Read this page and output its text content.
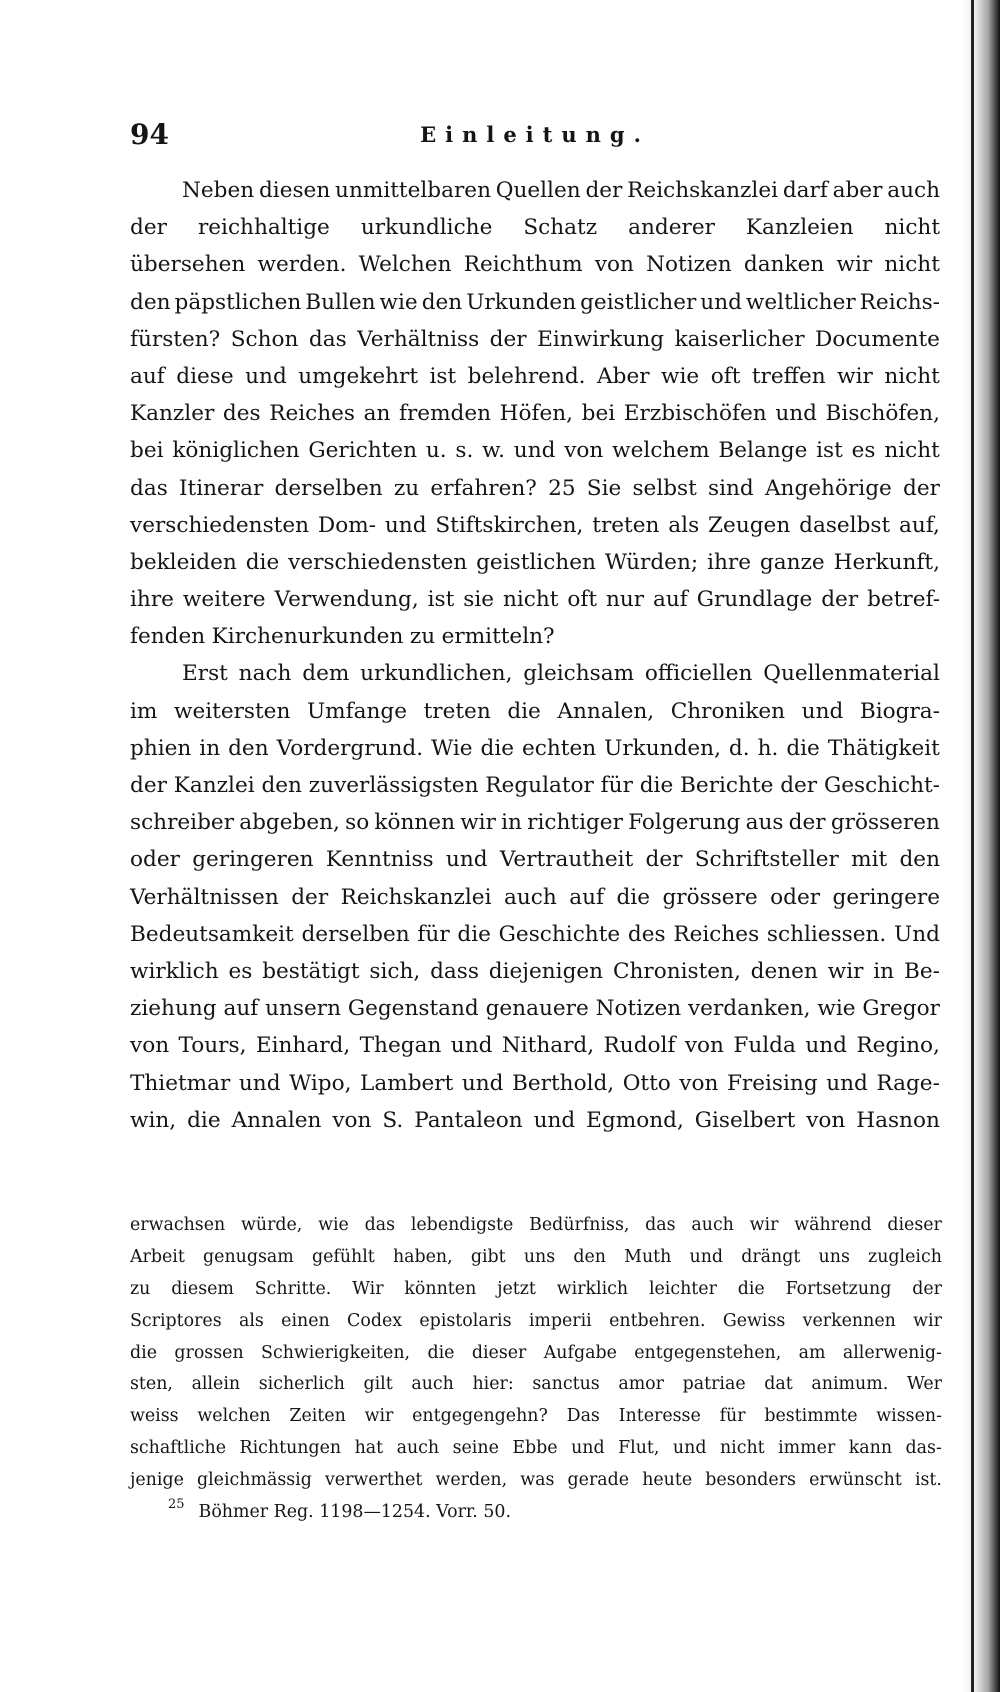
94	Einleitung.
Neben diesen unmittelbaren Quellen der Reichskanzlei darf aber auch
der reichhaltige urkundliche Schatz anderer Kanzleien nicht
übersehen werden. Welchen Reichthum von Notizen danken wir nicht
den päpstlichen Bullen wie den Urkunden geistlicher und weltlicher Reichs-
fürsten? Schon das Verhältniss der Einwirkung kaiserlicher Documente
auf diese und umgekehrt ist belehrend. Aber wie oft treffen wir nicht
Kanzler des Reiches an fremden Höfen, bei Erzbischöfen und Bischöfen,
bei königlichen Gerichten u. s. w. und von welchem Belange ist es nicht
das Itinerar derselben zu erfahren? 25 Sie selbst sind Angehörige der
verschiedensten Dom- und Stiftskirchen, treten als Zeugen daselbst auf,
bekleiden die verschiedensten geistlichen Würden; ihre ganze Herkunft,
ihre weitere Verwendung, ist sie nicht oft nur auf Grundlage der betref-
fenden Kirchenurkunden zu ermitteln?
Erst nach dem urkundlichen, gleichsam officiellen Quellenmaterial
im weitersten Umfange treten die Annalen, Chroniken und Biogra-
phien in den Vordergrund. Wie die echten Urkunden, d. h. die Thätigkeit
der Kanzlei den zuverlässigsten Regulator für die Berichte der Geschicht-
schreiber abgeben, so können wir in richtiger Folgerung aus der grösseren
oder geringeren Kenntniss und Vertrautheit der Schriftsteller mit den
Verhältnissen der Reichskanzlei auch auf die grössere oder geringere
Bedeutsamkeit derselben für die Geschichte des Reiches schliessen. Und
wirklich es bestätigt sich, dass diejenigen Chronisten, denen wir in Be-
ziehung auf unsern Gegenstand genauere Notizen verdanken, wie Gregor
von Tours, Einhard, Thegan und Nithard, Rudolf von Fulda und Regino,
Thietmar und Wipo, Lambert und Berthold, Otto von Freising und Rage-
win, die Annalen von S. Pantaleon und Egmond, Giselbert von Hasnon
erwachsen würde, wie das lebendigste Bedürfniss, das auch wir während dieser
Arbeit genugsam gefühlt haben, gibt uns den Muth und drängt uns zugleich
zu diesem Schritte. Wir könnten jetzt wirklich leichter die Fortsetzung der
Scriptores als einen Codex epistolaris imperii entbehren. Gewiss verkennen wir
die grossen Schwierigkeiten, die dieser Aufgabe entgegenstehen, am allerwenig-
sten, allein sicherlich gilt auch hier: sanctus amor patriae dat animum. Wer
weiss welchen Zeiten wir entgegengehn? Das Interesse für bestimmte wissen-
schaftliche Richtungen hat auch seine Ebbe und Flut, und nicht immer kann das-
jenige gleichmässig verwerthet werden, was gerade heute besonders erwünscht ist.
25 Böhmer Reg. 1198—1254. Vorr. 50.
